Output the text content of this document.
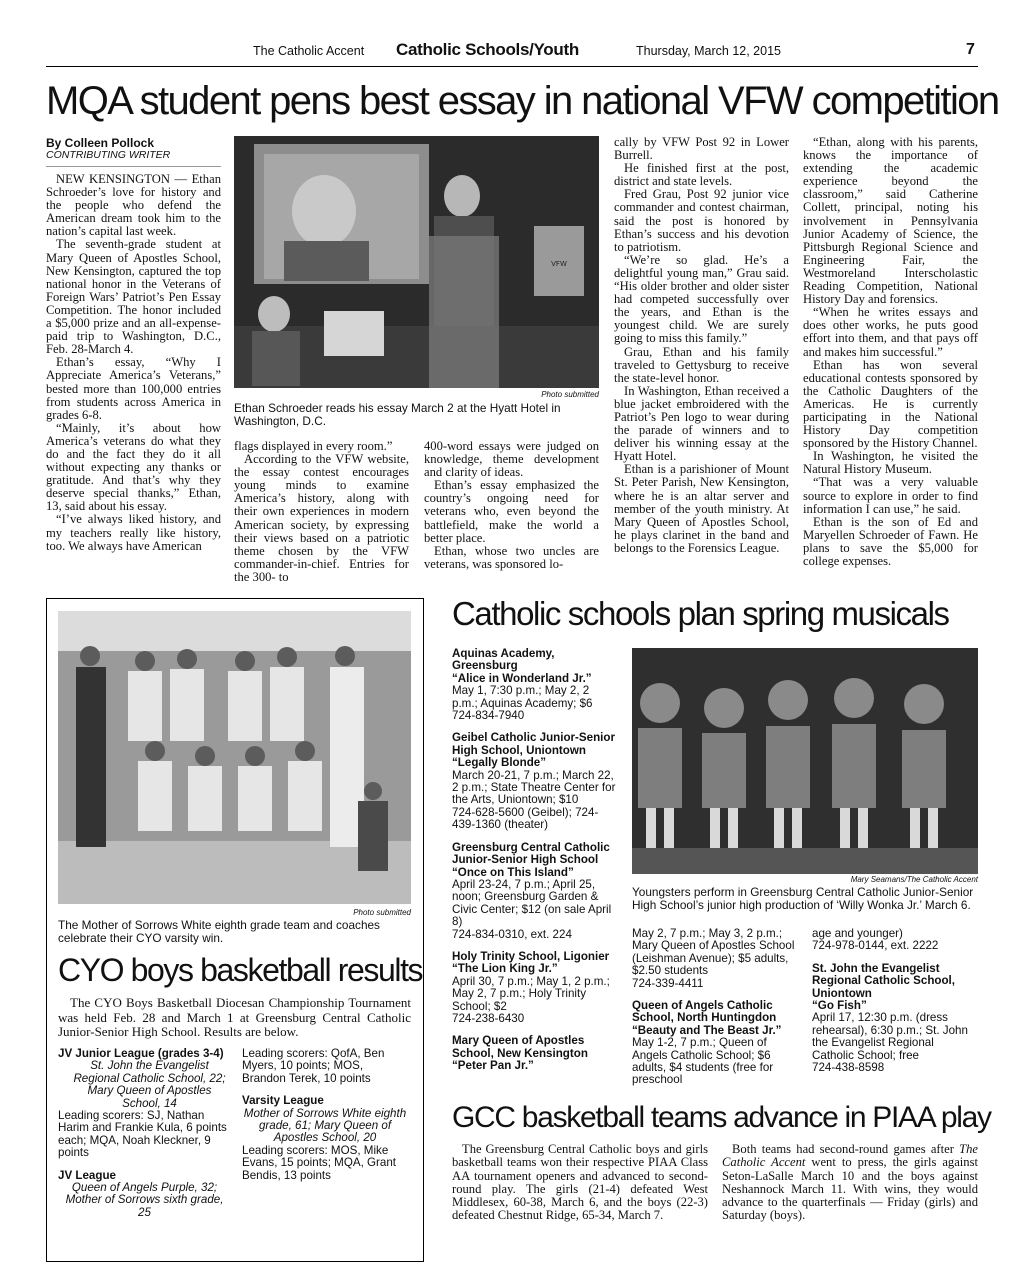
The Catholic Accent Catholic Schools/Youth	Thursday, March 12, 2015	7
MQA student pens best essay in national VFW competition
By Colleen Pollock
CONTRIBUTING WRITER

NEW KENSINGTON — Ethan Schroeder’s love for history and the people who defend the American dream took him to the nation’s capital last week.

The seventh-grade student at Mary Queen of Apostles School, New Kensington, captured the top national honor in the Veterans of Foreign Wars’ Patriot’s Pen Essay Competition. The honor included a $5,000 prize and an all-expense-paid trip to Washington, D.C., Feb. 28-March 4.

Ethan’s essay, “Why I Appreciate America’s Veterans,” bested more than 100,000 entries from students across America in grades 6-8.

“Mainly, it’s about how America’s veterans do what they do and the fact they do it all without expecting any thanks or gratitude. And that’s why they deserve special thanks,” Ethan, 13, said about his essay.

“I’ve always liked history, and my teachers really like history, too. We always have American

VFW
Photo submitted
Ethan Schroeder reads his essay March 2 at the Hyatt Hotel in Washington, D.C.

flags displayed in every room.”

According to the VFW website, the essay contest encourages young minds to examine America’s history, along with their own experiences in modern American society, by expressing their views based on a patriotic theme chosen by the VFW commander-in-chief. Entries for the 300- to

400-word essays were judged on knowledge, theme development and clarity of ideas.

Ethan’s essay emphasized the country’s ongoing need for veterans who, even beyond the battlefield, make the world a better place.

Ethan, whose two uncles are veterans, was sponsored lo-

cally by VFW Post 92 in Lower Burrell.

He finished first at the post, district and state levels.

Fred Grau, Post 92 junior vice commander and contest chairman, said the post is honored by Ethan’s success and his devotion to patriotism.

“We’re so glad. He’s a delightful young man,” Grau said. “His older brother and older sister had competed successfully over the years, and Ethan is the youngest child. We are surely going to miss this family.”

Grau, Ethan and his family traveled to Gettysburg to receive the state-level honor.

In Washington, Ethan received a blue jacket embroidered with the Patriot’s Pen logo to wear during the parade of winners and to deliver his winning essay at the Hyatt Hotel.

Ethan is a parishioner of Mount St. Peter Parish, New Kensington, where he is an altar server and member of the youth ministry. At Mary Queen of Apostles School, he plays clarinet in the band and belongs to the Forensics League.

“Ethan, along with his parents, knows the importance of extending the academic experience beyond the classroom,” said Catherine Collett, principal, noting his involvement in Pennsylvania Junior Academy of Science, the Pittsburgh Regional Science and Engineering Fair, the Westmoreland Interscholastic Reading Competition, National History Day and forensics.

“When he writes essays and does other works, he puts good effort into them, and that pays off and makes him successful.”

Ethan has won several educational contests sponsored by the Catholic Daughters of the Americas. He is currently participating in the National History Day competition sponsored by the History Channel.

In Washington, he visited the Natural History Museum.

“That was a very valuable source to explore in order to find information I can use,” he said.

Ethan is the son of Ed and Maryellen Schroeder of Fawn. He plans to save the $5,000 for college expenses.

Photo submitted
The Mother of Sorrows White eighth grade team and coaches celebrate their CYO varsity win.
CYO boys basketball results
The CYO Boys Basketball Diocesan Championship Tournament was held Feb. 28 and March 1 at Greensburg Central Catholic Junior-Senior High School. Results are below.
JV Junior League (grades 3-4)
St. John the Evangelist Regional Catholic School, 22;
Mary Queen of Apostles School, 14
Leading scorers: SJ, Nathan Harim and Frankie Kula, 6 points each; MQA, Noah Kleckner, 9 points
JV League
Queen of Angels Purple, 32; Mother of Sorrows sixth grade, 25
Leading scorers: QofA, Ben Myers, 10 points; MOS, Brandon Terek, 10 points
Varsity League
Mother of Sorrows White eighth grade, 61; Mary Queen of Apostles School, 20
Leading scorers: MOS, Mike Evans, 15 points; MQA, Grant Bendis, 13 points
Catholic schools plan spring musicals
Aquinas Academy, Greensburg
“Alice in Wonderland Jr.”
May 1, 7:30 p.m.; May 2, 2 p.m.; Aquinas Academy; $6
724-834-7940
Geibel Catholic Junior-Senior High School, Uniontown
“Legally Blonde”
March 20-21, 7 p.m.; March 22, 2 p.m.; State Theatre Center for the Arts, Uniontown; $10
724-628-5600 (Geibel); 724-439-1360 (theater)
Greensburg Central Catholic Junior-Senior High School
“Once on This Island”
April 23-24, 7 p.m.; April 25, noon; Greensburg Garden & Civic Center; $12 (on sale April 8)
724-834-0310, ext. 224
Holy Trinity School, Ligonier
“The Lion King Jr.”
April 30, 7 p.m.; May 1, 2 p.m.; May 2, 7 p.m.; Holy Trinity School; $2
724-238-6430
Mary Queen of Apostles School, New Kensington
“Peter Pan Jr.”
Mary Seamans/The Catholic Accent
Youngsters perform in Greensburg Central Catholic Junior-Senior High School’s junior high production of ‘Willy Wonka Jr.’ March 6.
May 2, 7 p.m.; May 3, 2 p.m.; Mary Queen of Apostles School (Leishman Avenue); $5 adults, $2.50 students
724-339-4411
Queen of Angels Catholic School, North Huntingdon
“Beauty and The Beast Jr.”
May 1-2, 7 p.m.; Queen of Angels Catholic School; $6 adults, $4 students (free for preschool
age and younger)
724-978-0144, ext. 2222
St. John the Evangelist Regional Catholic School, Uniontown
“Go Fish”
April 17, 12:30 p.m. (dress rehearsal), 6:30 p.m.; St. John the Evangelist Regional Catholic School; free
724-438-8598
GCC basketball teams advance in PIAA play
The Greensburg Central Catholic boys and girls basketball teams won their respective PIAA Class AA tournament openers and advanced to second-round play. The girls (21-4) defeated West Middlesex, 60-38, March 6, and the boys (22-3) defeated Chestnut Ridge, 65-34, March 7.
Both teams had second-round games after The Catholic Accent went to press, the girls against Seton-LaSalle March 10 and the boys against Neshannock March 11. With wins, they would advance to the quarterfinals — Friday (girls) and Saturday (boys).
